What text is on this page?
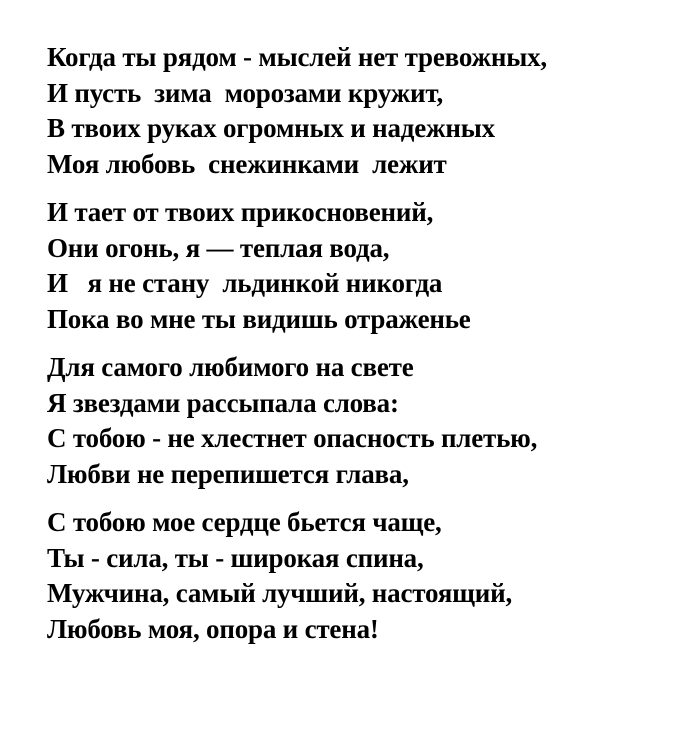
Когда ты рядом - мыслей нет тревожных,
И пусть  зима  морозами кружит,
В твоих руках огромных и надежных
Моя любовь  снежинками  лежит
И тает от твоих прикосновений,
Они огонь, я — теплая вода,
И   я не стану  льдинкой никогда
Пока во мне ты видишь отраженье
Для самого любимого на свете
Я звездами рассыпала слова:
С тобою - не хлестнет опасность плетью,
Любви не перепишется глава,
С тобою мое сердце бьется чаще,
Ты - сила, ты - широкая спина,
Мужчина, самый лучший, настоящий,
Любовь моя, опора и стена!
